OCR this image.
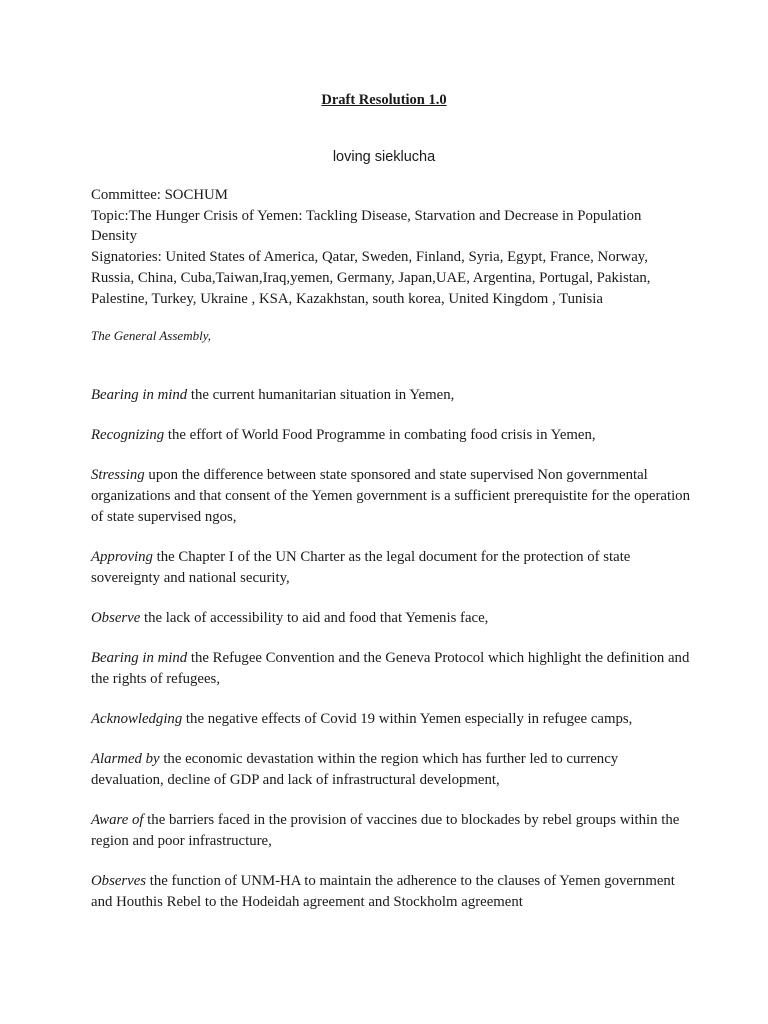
Draft Resolution 1.0
loving sieklucha
Committee: SOCHUM
Topic:The Hunger Crisis of Yemen: Tackling Disease, Starvation and Decrease in Population Density
Signatories: United States of America, Qatar, Sweden, Finland, Syria, Egypt, France, Norway, Russia, China, Cuba,Taiwan,Iraq,yemen, Germany, Japan,UAE, Argentina, Portugal, Pakistan, Palestine, Turkey, Ukraine , KSA, Kazakhstan, south korea, United Kingdom , Tunisia
The General Assembly,

Bearing in mind the current humanitarian situation in Yemen,

Recognizing the effort of World Food Programme in combating food crisis in Yemen,

Stressing upon the difference between state sponsored and state supervised Non governmental organizations and that consent of the Yemen government is a sufficient prerequistite for the operation of state supervised ngos,

Approving the Chapter I of the UN Charter as the legal document for the protection of state sovereignty and national security,

Observe the lack of accessibility to aid and food that Yemenis face,

Bearing in mind the Refugee Convention and the Geneva Protocol which highlight the definition and the rights of refugees,

Acknowledging the negative effects of Covid 19 within Yemen especially in refugee camps,

Alarmed by the economic devastation within the region which has further led to currency devaluation, decline of GDP and lack of infrastructural development,

Aware of the barriers faced in the provision of vaccines due to blockades by rebel groups within the region and poor infrastructure,

Observes the function of UNM-HA to maintain the adherence to the clauses of Yemen government and Houthis Rebel to the Hodeidah agreement and Stockholm agreement
